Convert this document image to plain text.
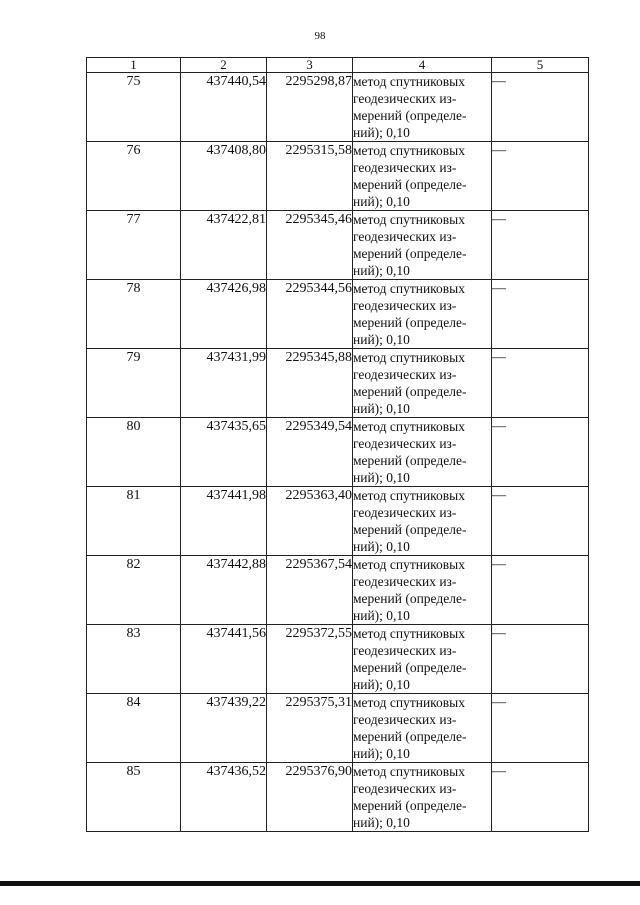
98
1	2	3	4	5
75	437440,54	2295298,87	метод спутниковых
геодезических из-
мерений (определе-
ний); 0,10	—
76	437408,80	2295315,58	метод спутниковых
геодезических из-
мерений (определе-
ний); 0,10	—
77	437422,81	2295345,46	метод спутниковых
геодезических из-
мерений (определе-
ний); 0,10	—
78	437426,98	2295344,56	метод спутниковых
геодезических из-
мерений (определе-
ний); 0,10	—
79	437431,99	2295345,88	метод спутниковых
геодезических из-
мерений (определе-
ний); 0,10	—
80	437435,65	2295349,54	метод спутниковых
геодезических из-
мерений (определе-
ний); 0,10	—
81	437441,98	2295363,40	метод спутниковых
геодезических из-
мерений (определе-
ний); 0,10	—
82	437442,88	2295367,54	метод спутниковых
геодезических из-
мерений (определе-
ний); 0,10	—
83	437441,56	2295372,55	метод спутниковых
геодезических из-
мерений (определе-
ний); 0,10	—
84	437439,22	2295375,31	метод спутниковых
геодезических из-
мерений (определе-
ний); 0,10	—
85	437436,52	2295376,90	метод спутниковых
геодезических из-
мерений (определе-
ний); 0,10	—
